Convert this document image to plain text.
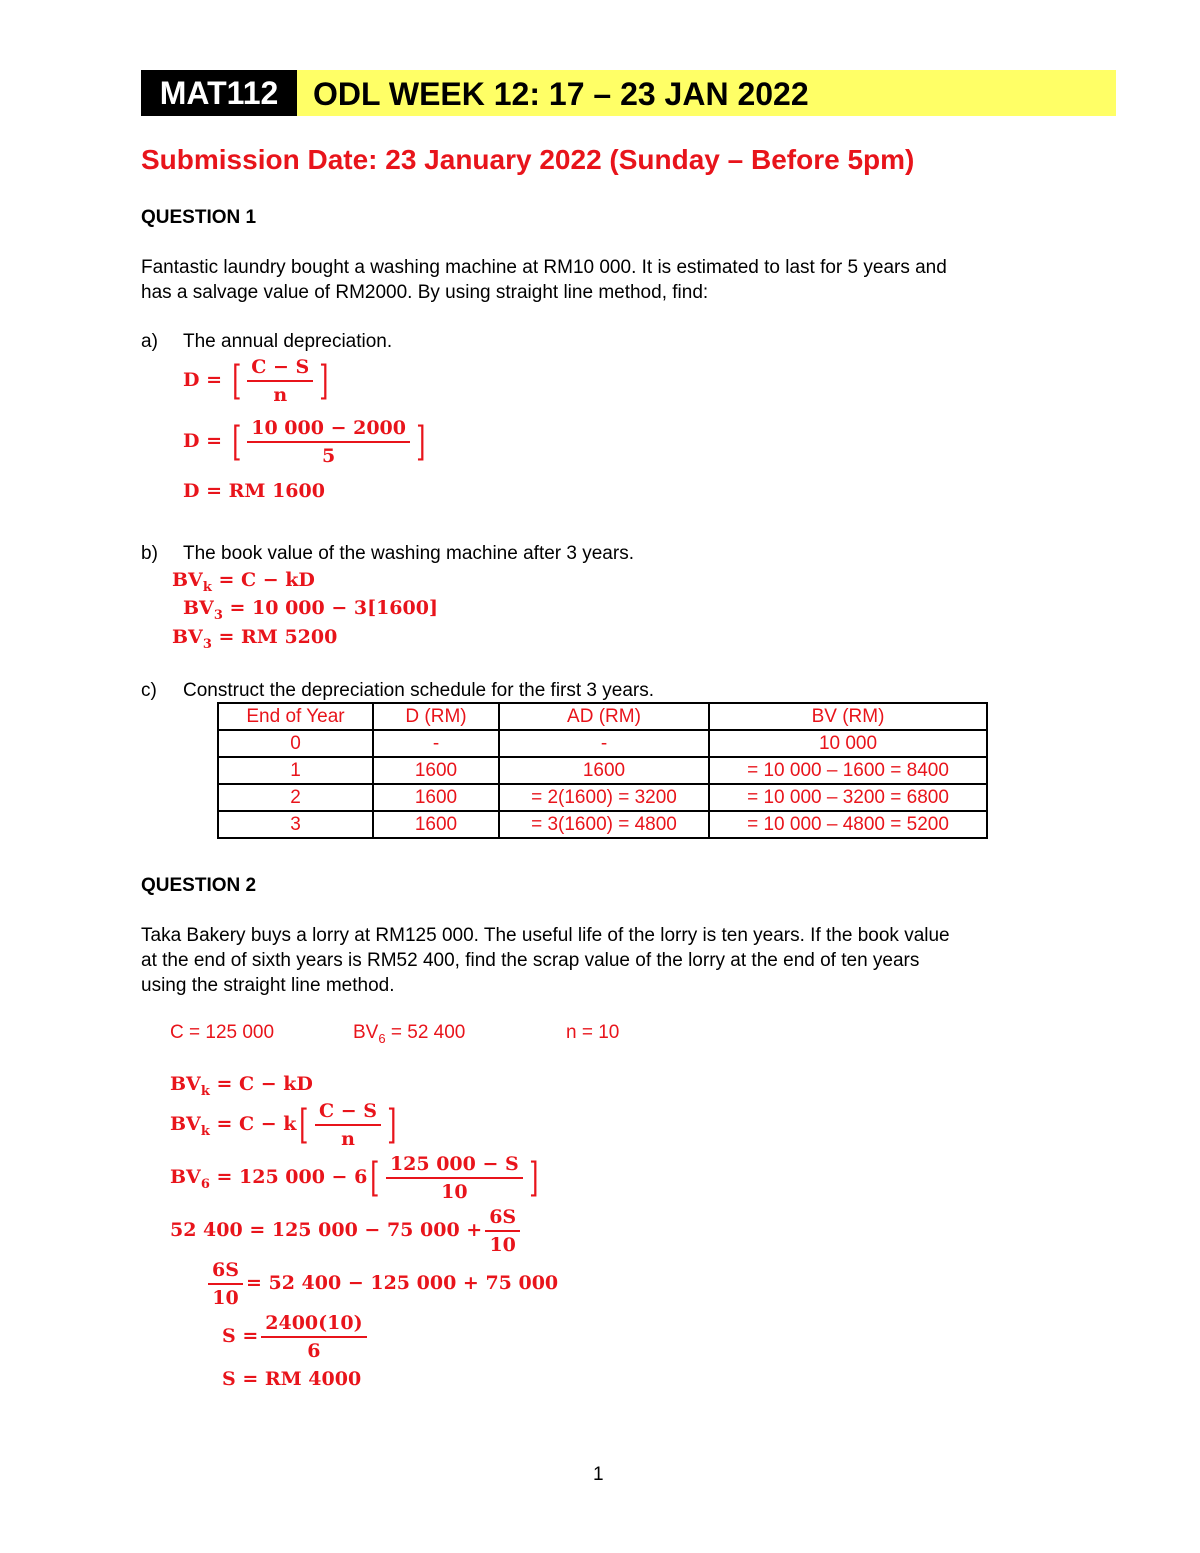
MAT112	ODL WEEK 12: 17 – 23 JAN 2022
Submission Date: 23 January 2022 (Sunday – Before 5pm)
QUESTION 1
Fantastic laundry bought a washing machine at RM10 000. It is estimated to last for 5 years and
has a salvage value of RM2000. By using straight line method, find:
a) The annual depreciation.
D = [ $\frac{C - S}{n}$ ]
D = [ $\frac{10 000 - 2000}{5}$ ]
D = RM 1600
b) The book value of the washing machine after 3 years.
$BV_k = C$ − kD
$BV_3 = 10$ 000 − 3[1600]
$BV_3$ = RM 5200
c) Construct the depreciation schedule for the first 3 years.
End of Year	D (RM)	AD (RM)	BV (RM)
0	-	-	10 000
1	1600	1600	= 10 000 – 1600 = 8400
2	1600	= 2(1600) = 3200	= 10 000 – 3200 = 6800
3	1600	= 3(1600) = 4800	= 10 000 – 4800 = 5200
QUESTION 2
Taka Bakery buys a lorry at RM125 000. The useful life of the lorry is ten years. If the book value
at the end of sixth years is RM52 400, find the scrap value of the lorry at the end of ten years
using the straight line method.
C = 125 000	$BV_6 = 52$ 400	n = 10
$BV_k = C$ − kD
$BV_k = C - k[ \frac{C - S}{n}$ ]
$BV_6 = 125$ $000 - 6[ \frac{125 000 - S}{10}$ ]
52 400 = 125 000 − 75 $000 + \frac{6S}{10}$
$\frac{6S}{10} = 52$ 400 − 125 000 + 75 000
$S = \frac{2400(10)}{6}$
S = RM 4000
1
